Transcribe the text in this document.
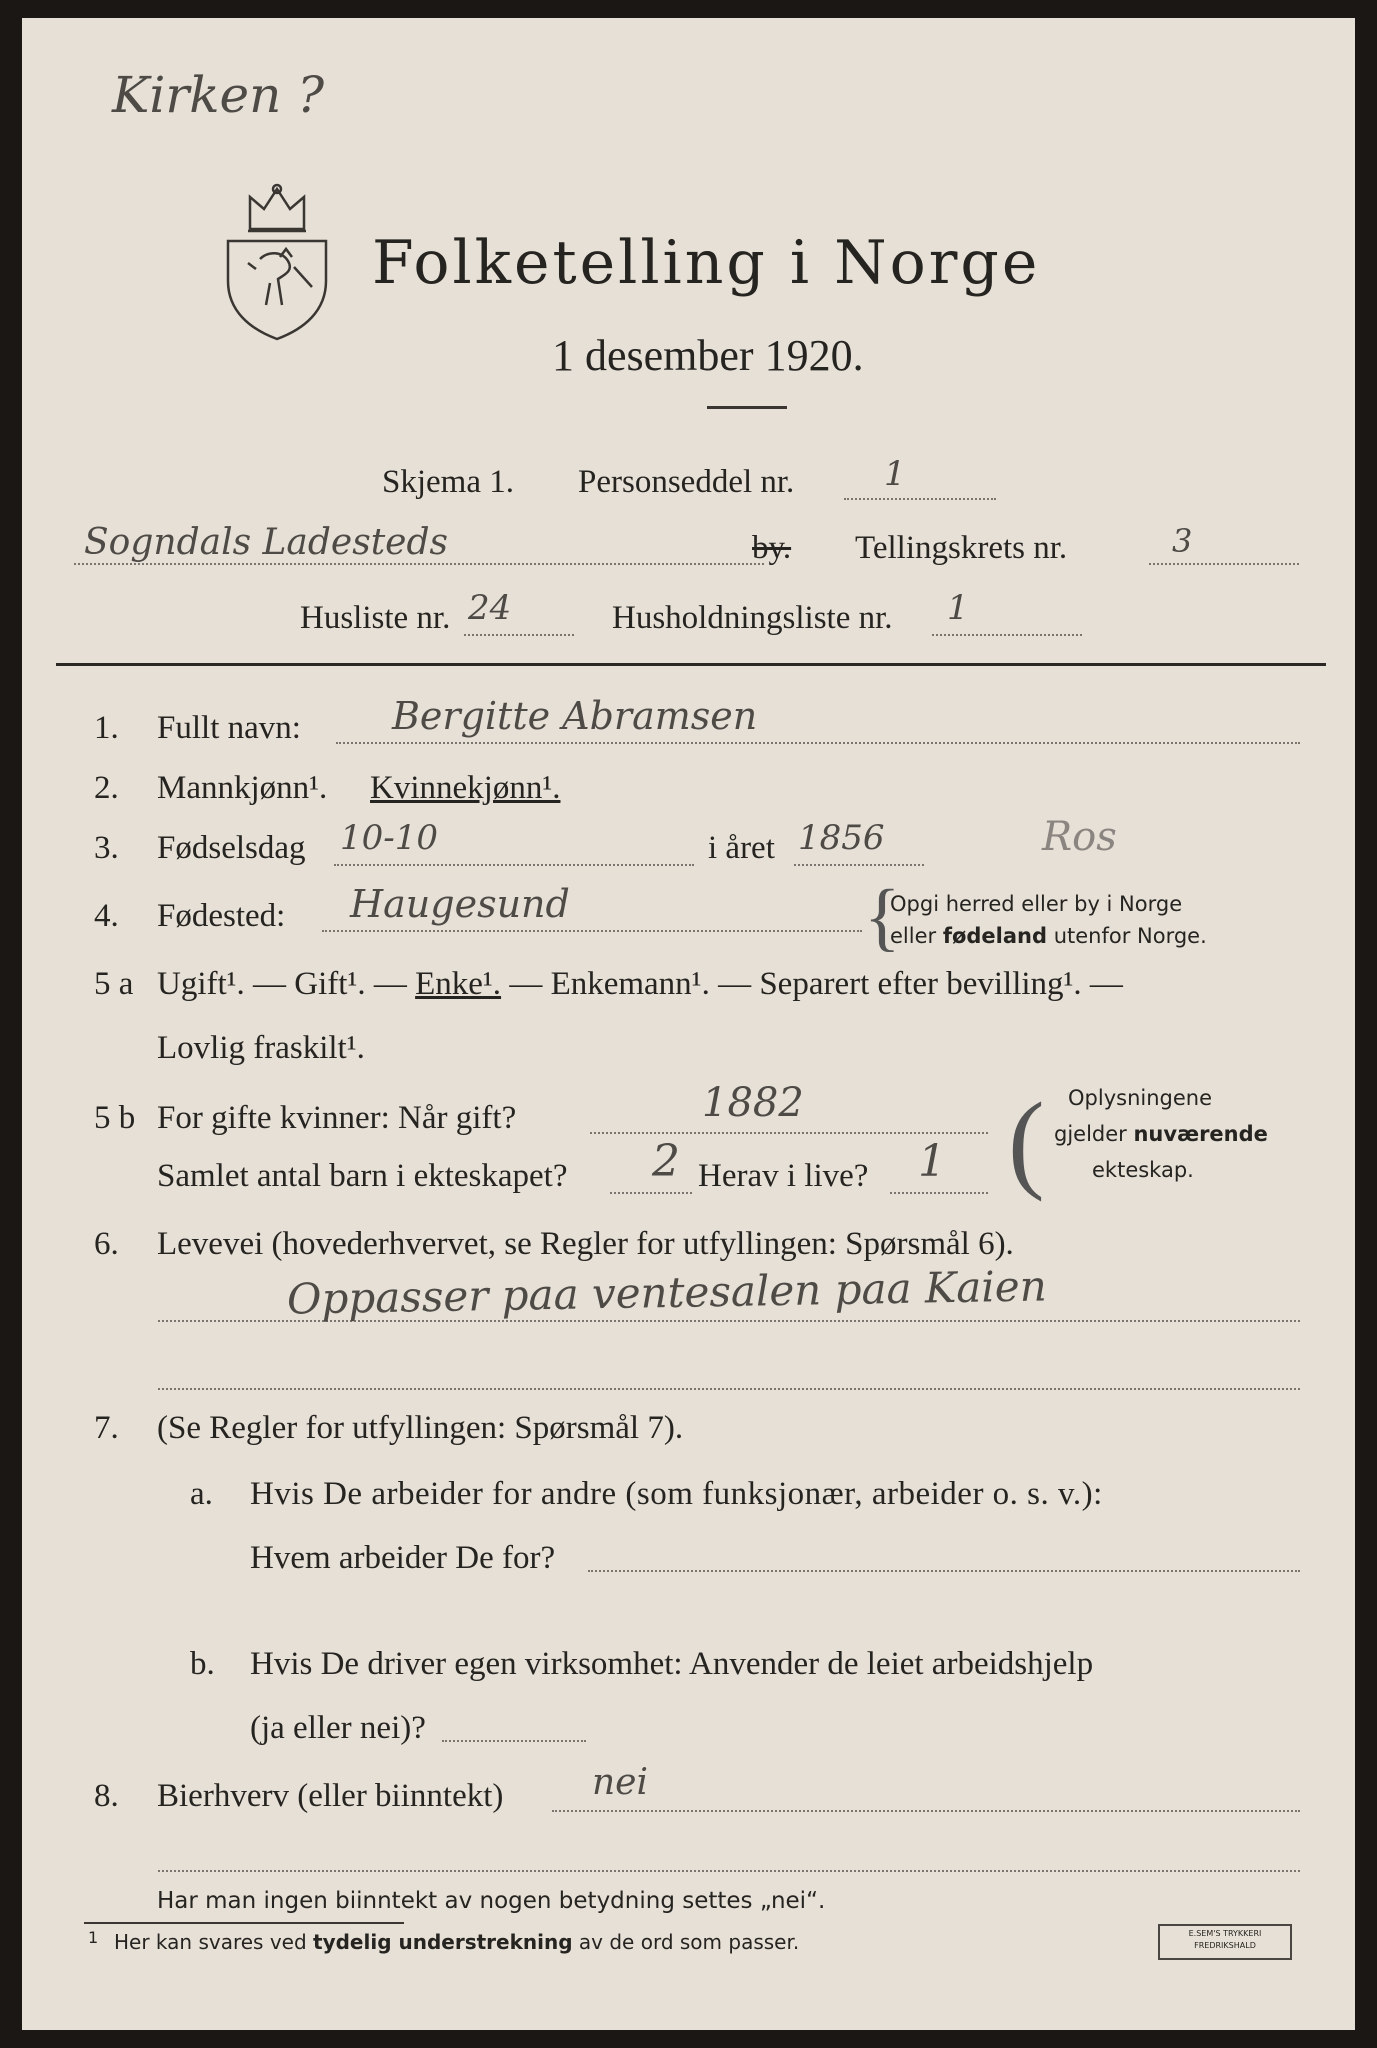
Kirken ?
Folketelling i Norge
1 desember 1920.
Skjema 1. Personseddel nr.	1
Sogndals Ladesteds	by. Tellingskrets nr.	3
Husliste nr. 24	Husholdningsliste nr. 1
1. Fullt navn: Bergitte Abramsen
2. Mannkjønn¹. Kvinnekjønn¹.
3. Fødselsdag 10-10	i året 1856	Ros
4. Fødested: Haugesund	{
Opgi herred eller by i Norge
eller fødeland utenfor Norge.
5 a Ugift¹. — Gift¹. — Enke¹. — Enkemann¹. — Separert efter bevilling¹. —
Lovlig fraskilt¹.
5 b For gifte kvinner: Når gift?	1882
Samlet antal barn i ekteskapet? 2 Herav i live? 1 ( Oplysningene
gjelder nuværende
ekteskap.
6. Levevei (hovederhvervet, se Regler for utfyllingen: Spørsmål 6).
Oppasser paa ventesalen paa Kaien
7. (Se Regler for utfyllingen: Spørsmål 7).
a. Hvis De arbeider for andre (som funksjonær, arbeider o. s. v.):
Hvem arbeider De for?
b. Hvis De driver egen virksomhet: Anvender de leiet arbeidshjelp
(ja eller nei)?
8. Bierhverv (eller biinntekt) nei
Har man ingen biinntekt av nogen betydning settes „nei“.
1 Her kan svares ved tydelig understrekning av de ord som passer.	E.SEM'S TRYKKERI
FREDRIKSHALD
